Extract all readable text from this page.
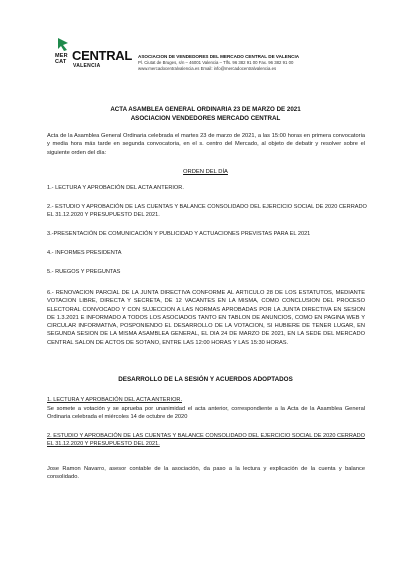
MER
CAT CENTRAL
VALENCIA
ASOCIACION DE VENDEDORES DEL MERCADO CENTRAL DE VALENCIA
Pl. Ciutat de Bruges, s/n – 46001 Valencia – Tlfs. 96 382 91 00 Fax. 96 382 91 00
www.mercadocentralvalencia.es Email: info@mercadocentralvalencia.es
ACTA ASAMBLEA GENERAL ORDINARIA 23 DE MARZO DE 2021
ASOCIACION VENDEDORES MERCADO CENTRAL
Acta de la Asamblea General Ordinaria celebrada el martes 23 de marzo de 2021, a las 15:00 horas en primera convocatoria y media hora más tarde en segunda convocatoria, en el s. centro del Mercado, al objeto de debatir y resolver sobre el siguiente orden del día:
ORDEN DEL DÍA
1.- LECTURA Y APROBACIÓN DEL ACTA ANTERIOR.
2.- ESTUDIO Y APROBACIÓN DE LAS CUENTAS Y BALANCE CONSOLIDADO DEL EJERCICIO SOCIAL DE 2020 CERRADO EL 31.12.2020 Y PRESUPUESTO DEL 2021.
3.-PRESENTACIÓN DE COMUNICACIÓN Y PUBLICIDAD Y ACTUACIONES PREVISTAS PARA EL 2021
4.- INFORMES PRESIDENTA
5.- RUEGOS Y PREGUNTAS
6.- RENOVACION PARCIAL DE LA JUNTA DIRECTIVA CONFORME AL ARTICULO 28 DE LOS ESTATUTOS, MEDIANTE VOTACION LIBRE, DIRECTA Y SECRETA, DE 12 VACANTES EN LA MISMA, COMO CONCLUSION DEL PROCESO ELECTORAL CONVOCADO Y CON SUJECCION A LAS NORMAS APROBADAS POR LA JUNTA DIRECTIVA EN SESION DE 1.3.2021 E INFORMADO A TODOS LOS ASOCIADOS TANTO EN TABLON DE ANUNCIOS, COMO EN PAGINA WEB Y CIRCULAR INFORMATIVA, POSPONIENDO EL DESARROLLO DE LA VOTACION, SI HUBIERE DE TENER LUGAR, EN SEGUNDA SESION DE LA MISMA ASAMBLEA GENERAL, EL DIA 24 DE MARZO DE 2021, EN LA SEDE DEL MERCADO CENTRAL SALON DE ACTOS DE SOTANO, ENTRE LAS 12:00 HORAS Y LAS 15:30 HORAS.
DESARROLLO DE LA SESIÓN Y ACUERDOS ADOPTADOS
1. LECTURA Y APROBACIÓN DEL ACTA ANTERIOR.
Se somete a votación y se aprueba por unanimidad el acta anterior, correspondiente a la Acta de la Asamblea General Ordinaria celebrada el miércoles 14 de octubre de 2020
2. ESTUDIO Y APROBACIÓN DE LAS CUENTAS Y BALANCE CONSOLIDADO DEL EJERCICIO SOCIAL DE 2020 CERRADO EL 31.12.2020 Y PRESUPUESTO DEL 2021.
Jose Ramon Navarro, asesor contable de la asociación, da paso a la lectura y explicación de la cuenta y balance consolidado.
